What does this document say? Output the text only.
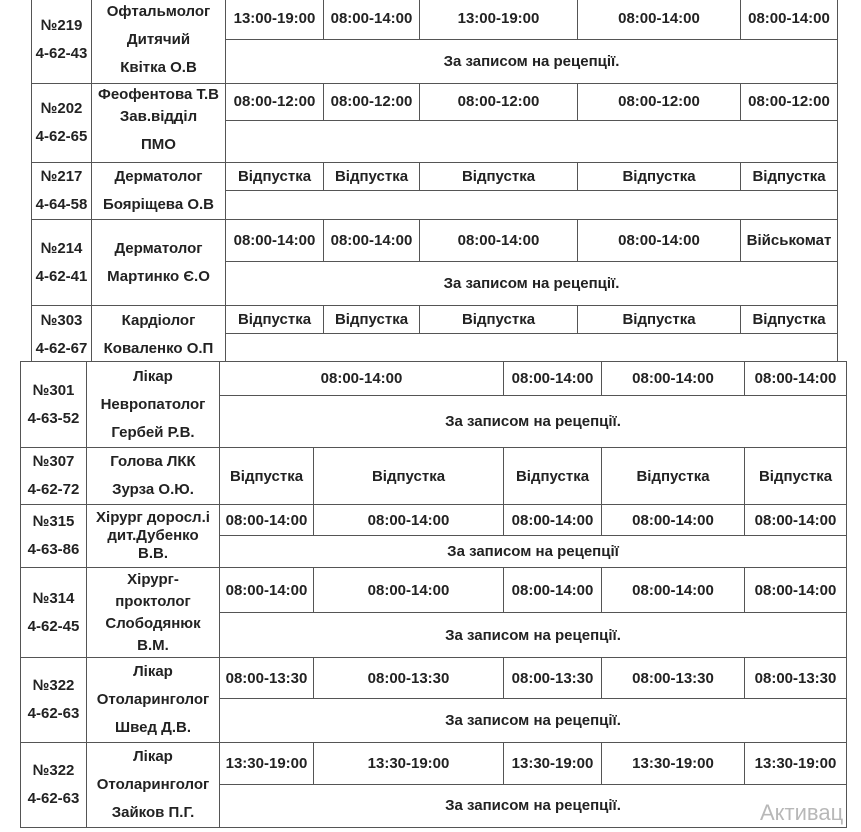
№219
4-62-43	Офтальмолог
Дитячий
Квітка О.В	13:00-19:00	08:00-14:00	13:00-19:00	08:00-14:00	08:00-14:00
		За записом на рецепції.				

№202
4-62-65	Феофентова Т.В
Зав.відділ
ПМО	08:00-12:00	08:00-12:00	08:00-12:00	08:00-12:00	08:00-12:00

№217
4-64-58	Дерматолог
Бояріщева О.В	Відпустка	Відпустка	Відпустка	Відпустка	Відпустка

№214
4-62-41	Дерматолог
Мартинко Є.О	08:00-14:00	08:00-14:00	08:00-14:00	08:00-14:00	Військомат
		За записом на рецепції.				

№303
4-62-67	Кардіолог
Коваленко О.П	Відпустка	Відпустка	Відпустка	Відпустка	Відпустка

№301
4-63-52	Лікар
Невропатолог
Гербей Р.В.	08:00-14:00		08:00-14:00	08:00-14:00	08:00-14:00	
		За записом на рецепції.					

№307
4-62-72	Голова ЛКК
Зурза О.Ю.	Відпустка	Відпустка	Відпустка	Відпустка	Відпустка	

№315
4-63-86	Хірург доросл.і
дит.Дубенко
В.В.	08:00-14:00	08:00-14:00	08:00-14:00	08:00-14:00	08:00-14:00	
		За записом на рецепції					

№314
4-62-45	Хірург-
проктолог
Слободянюк
В.М.	08:00-14:00	08:00-14:00	08:00-14:00	08:00-14:00	08:00-14:00	
		За записом на рецепції.					

№322
4-62-63	Лікар
Отоларинголог
Швед Д.В.	08:00-13:30	08:00-13:30	08:00-13:30	08:00-13:30	08:00-13:30	
		За записом на рецепції.					

№322
4-62-63	Лікар
Отоларинголог
Зайков П.Г.	13:30-19:00	13:30-19:00	13:30-19:00	13:30-19:00	13:30-19:00	
		За записом на рецепції.						Активац
